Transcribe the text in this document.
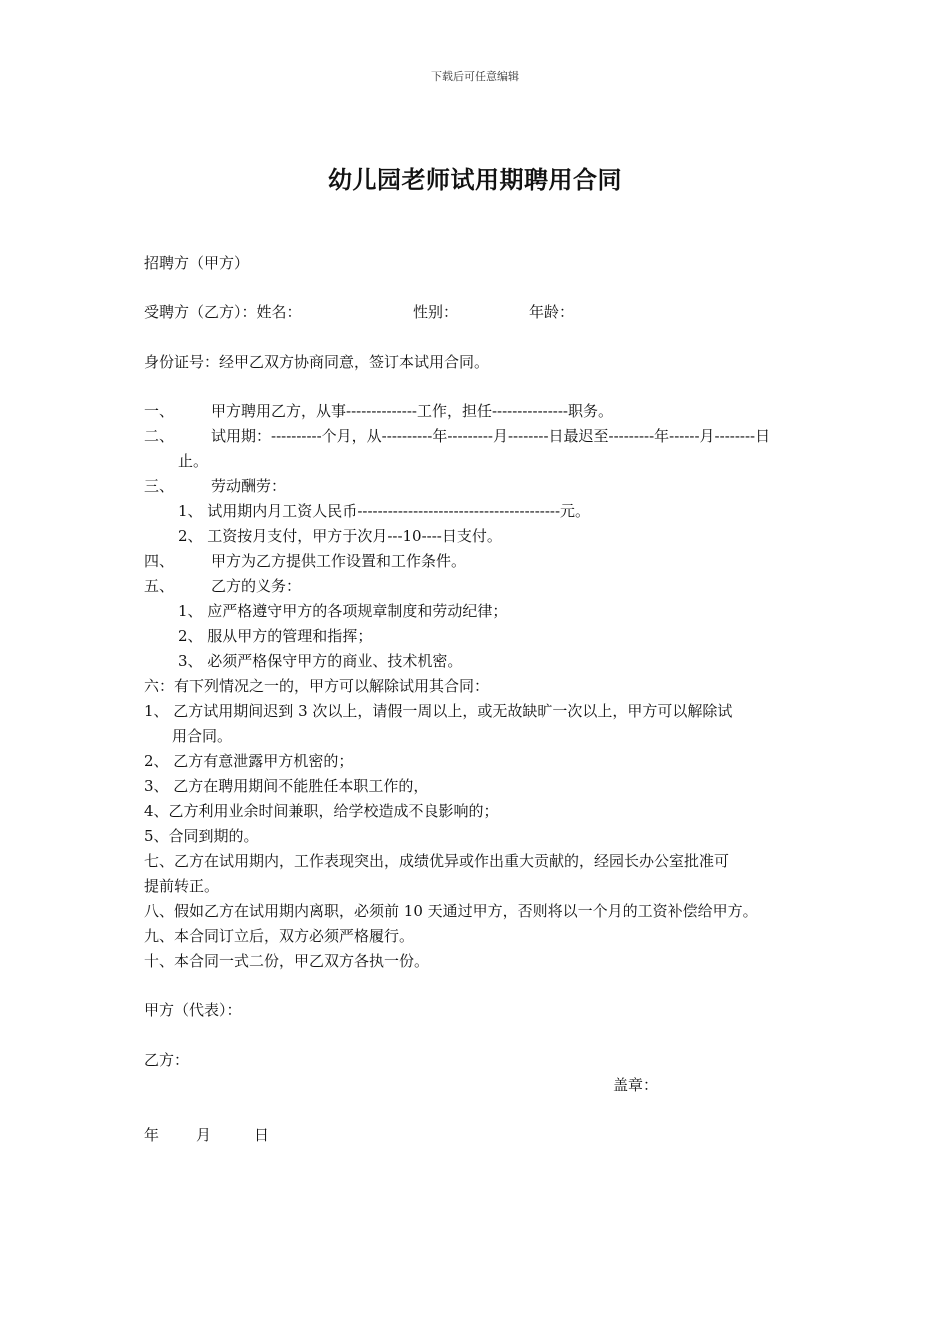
下载后可任意编辑
幼儿园老师试用期聘用合同
招聘方（甲方）
受聘方（乙方）：姓名：	性别：	年龄：
身份证号：经甲乙双方协商同意，签订本试用合同。
一、 甲方聘用乙方，从事--------------工作，担任---------------职务。
二、 试用期：----------个月，从----------年---------月--------日最迟至---------年------月--------日
止。
三、 劳动酬劳：
1、 试用期内月工资人民币----------------------------------------元。
2、 工资按月支付，甲方于次月---10----日支付。
四、 甲方为乙方提供工作设置和工作条件。
五、 乙方的义务：
1、 应严格遵守甲方的各项规章制度和劳动纪律；
2、 服从甲方的管理和指挥；
3、 必须严格保守甲方的商业、技术机密。
六：有下列情况之一的，甲方可以解除试用其合同：
1、 乙方试用期间迟到 3 次以上，请假一周以上，或无故缺旷一次以上，甲方可以解除试
用合同。
2、 乙方有意泄露甲方机密的；
3、 乙方在聘用期间不能胜任本职工作的，
4、乙方利用业余时间兼职，给学校造成不良影响的；
5、合同到期的。
七、乙方在试用期内，工作表现突出，成绩优异或作出重大贡献的，经园长办公室批准可
提前转正。
八、假如乙方在试用期内离职，必须前 10 天通过甲方，否则将以一个月的工资补偿给甲方。
九、本合同订立后，双方必须严格履行。
十、本合同一式二份，甲乙双方各执一份。
甲方（代表）：
乙方：
盖章：
年 月	日
